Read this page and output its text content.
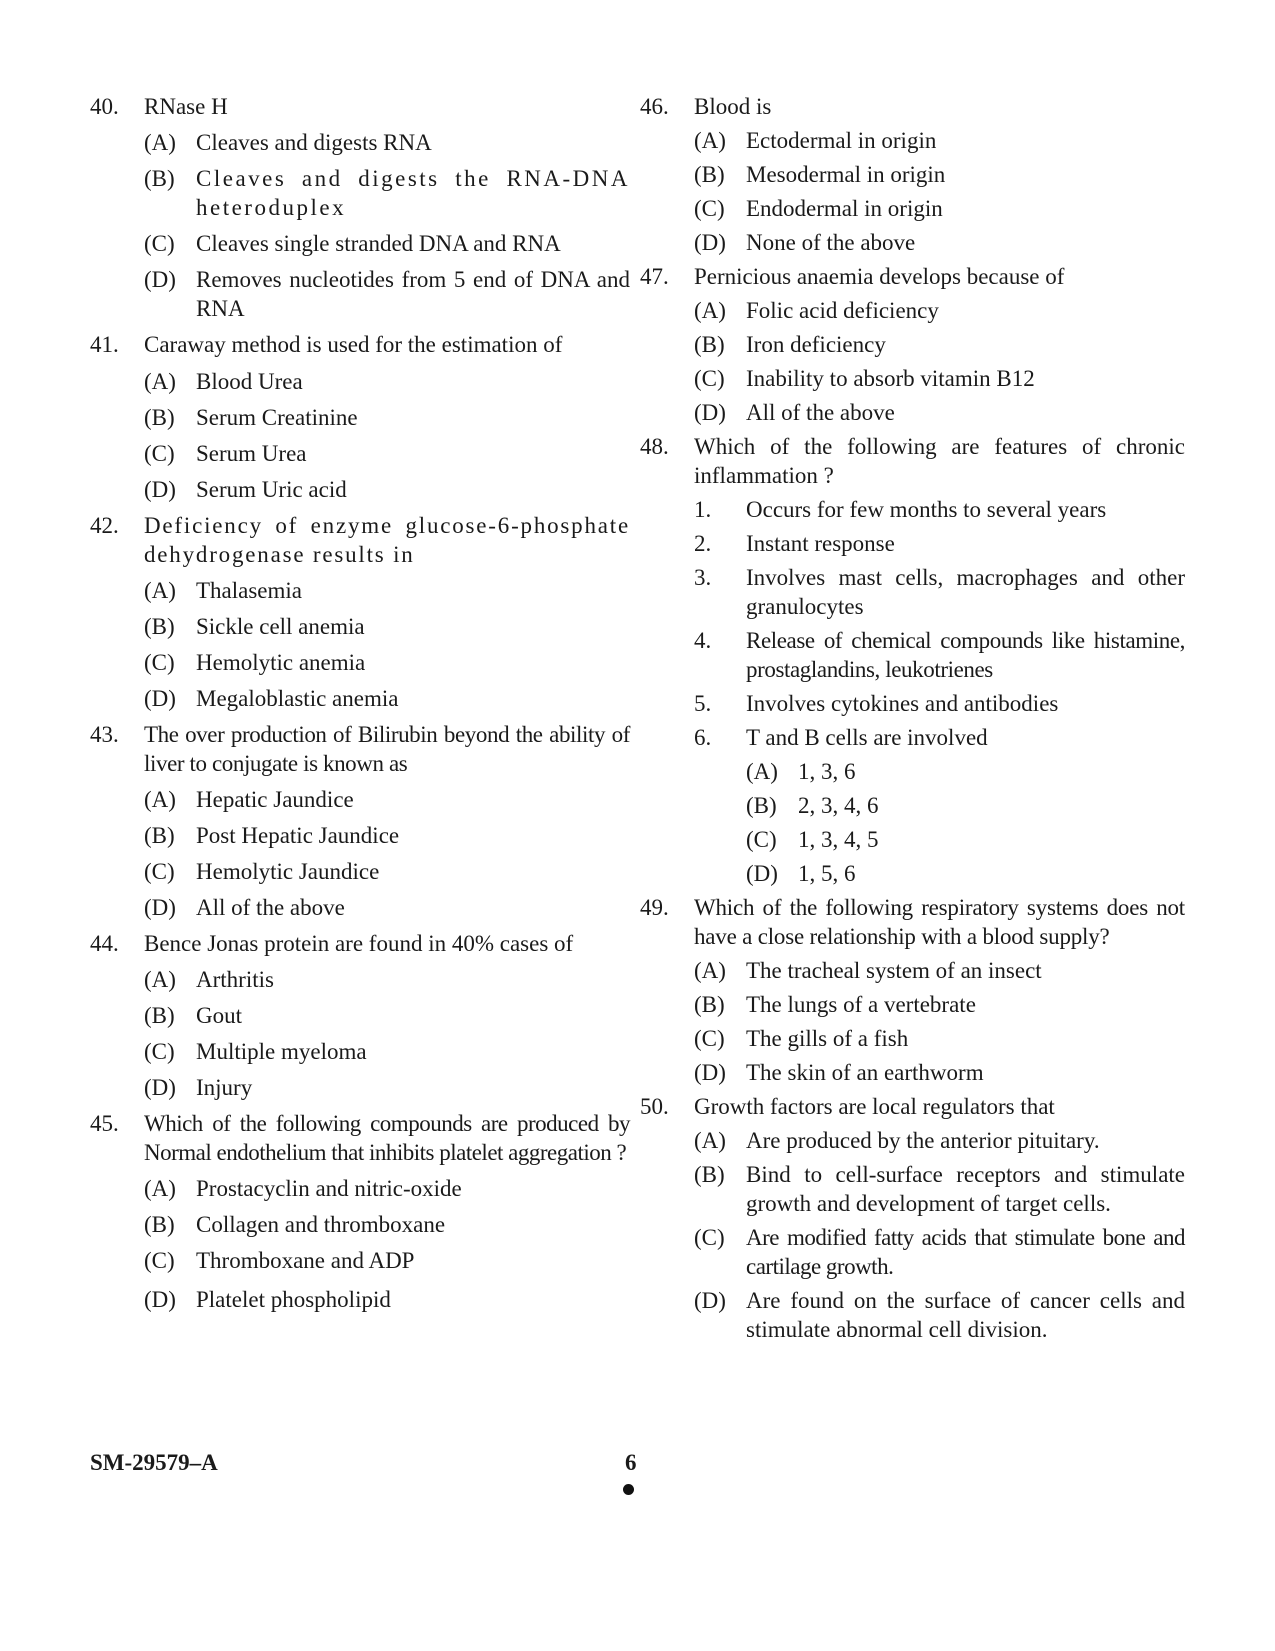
40.	RNase H
(A) Cleaves and digests RNA
(B) Cleaves and digests the RNA-DNA heteroduplex
(C) Cleaves single stranded DNA and RNA
(D) Removes nucleotides from 5 end of DNA and RNA
41.	Caraway method is used for the estimation of
(A) Blood Urea
(B) Serum Creatinine
(C) Serum Urea
(D) Serum Uric acid
42.	Deficiency of enzyme glucose-6-phosphate dehydrogenase results in
(A) Thalasemia
(B) Sickle cell anemia
(C) Hemolytic anemia
(D) Megaloblastic anemia
43.	The over production of Bilirubin beyond the ability of liver to conjugate is known as
(A) Hepatic Jaundice
(B) Post Hepatic Jaundice
(C) Hemolytic Jaundice
(D) All of the above
44.	Bence Jonas protein are found in 40% cases of
(A) Arthritis
(B) Gout
(C) Multiple myeloma
(D) Injury
45.	Which of the following compounds are produced by Normal endothelium that inhibits platelet aggregation ?
(A) Prostacyclin and nitric-oxide
(B) Collagen and thromboxane
(C) Thromboxane and ADP
(D) Platelet phospholipid
46.	Blood is
(A) Ectodermal in origin
(B) Mesodermal in origin
(C) Endodermal in origin
(D) None of the above
47.	Pernicious anaemia develops because of
(A) Folic acid deficiency
(B) Iron deficiency
(C) Inability to absorb vitamin B12
(D) All of the above
48.	Which of the following are features of chronic inflammation ?
1.	Occurs for few months to several years
2.	Instant response
3.	Involves mast cells, macrophages and other granulocytes
4.	Release of chemical compounds like histamine, prostaglandins, leukotrienes
5.	Involves cytokines and antibodies
6.	T and B cells are involved
(A) 1, 3, 6
(B) 2, 3, 4, 6
(C) 1, 3, 4, 5
(D) 1, 5, 6
49.	Which of the following respiratory systems does not have a close relationship with a blood supply?
(A) The tracheal system of an insect
(B) The lungs of a vertebrate
(C) The gills of a fish
(D) The skin of an earthworm
50.	Growth factors are local regulators that
(A) Are produced by the anterior pituitary.
(B) Bind to cell-surface receptors and stimulate growth and development of target cells.
(C) Are modified fatty acids that stimulate bone and cartilage growth.
(D) Are found on the surface of cancer cells and stimulate abnormal cell division.
SM-29579–A	6
